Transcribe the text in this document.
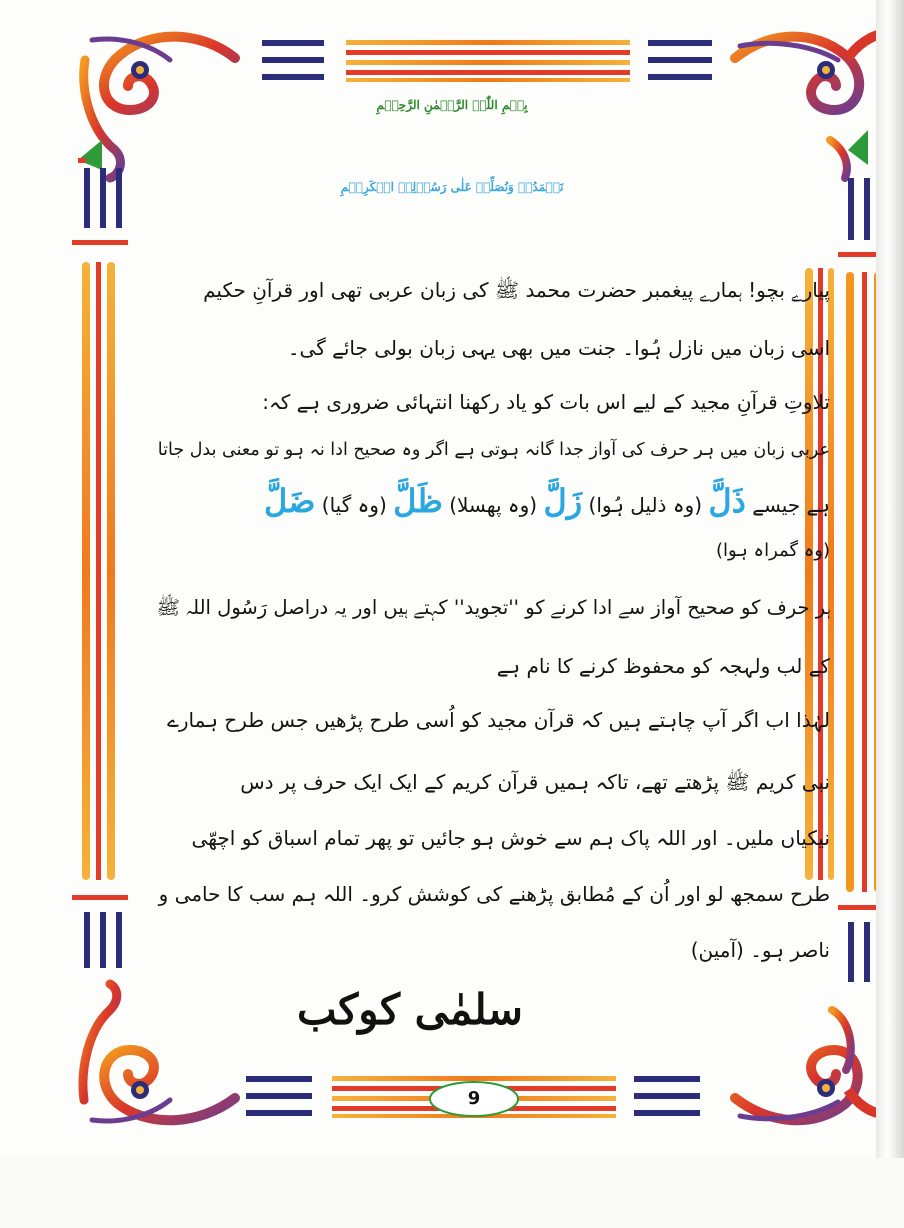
بِسۡمِ اللّٰہِ الرَّحۡمٰنِ الرَّحِیۡمِ
نَحۡمَدُہٗ وَنُصَلِّیۡ عَلٰی رَسُوۡلِہِ الۡکَرِیۡمِ
پیارے بچو! ہمارے پیغمبر حضرت محمد ﷺ کی زبان عربی تھی اور قرآنِ حکیم
اسی زبان میں نازل ہُوا۔ جنت میں بھی یہی زبان بولی جائے گی۔
تلاوتِ قرآنِ مجید کے لیے اس بات کو یاد رکھنا انتہائی ضروری ہے کہ:
عربی زبان میں ہر حرف کی آواز جدا گانہ ہوتی ہے اگر وہ صحیح ادا نہ ہو تو معنی بدل جاتا
ہے جیسے ذَلَّ (وہ ذلیل ہُوا) زَلَّ (وہ پھسلا) ظَلَّ (وہ گیا) ضَلَّ
(وہ گمراہ ہوا)
ہر حرف کو صحیح آواز سے ادا کرنے کو ''تجوید'' کہتے ہیں اور یہ دراصل رَسُول اللہ ﷺ
کے لب ولہجہ کو محفوظ کرنے کا نام ہے
لہٰذا اب اگر آپ چاہتے ہیں کہ قرآن مجید کو اُسی طرح پڑھیں جس طرح ہمارے
نبی کریم ﷺ پڑھتے تھے، تاکہ ہمیں قرآن کریم کے ایک ایک حرف پر دس
نیکیاں ملیں۔ اور اللہ پاک ہم سے خوش ہو جائیں تو پھر تمام اسباق کو اچھّی
طرح سمجھ لو اور اُن کے مُطابق پڑھنے کی کوشش کرو۔ اللہ ہم سب کا حامی و
ناصر ہو۔ (آمین)
سلمٰی کوکب
9
